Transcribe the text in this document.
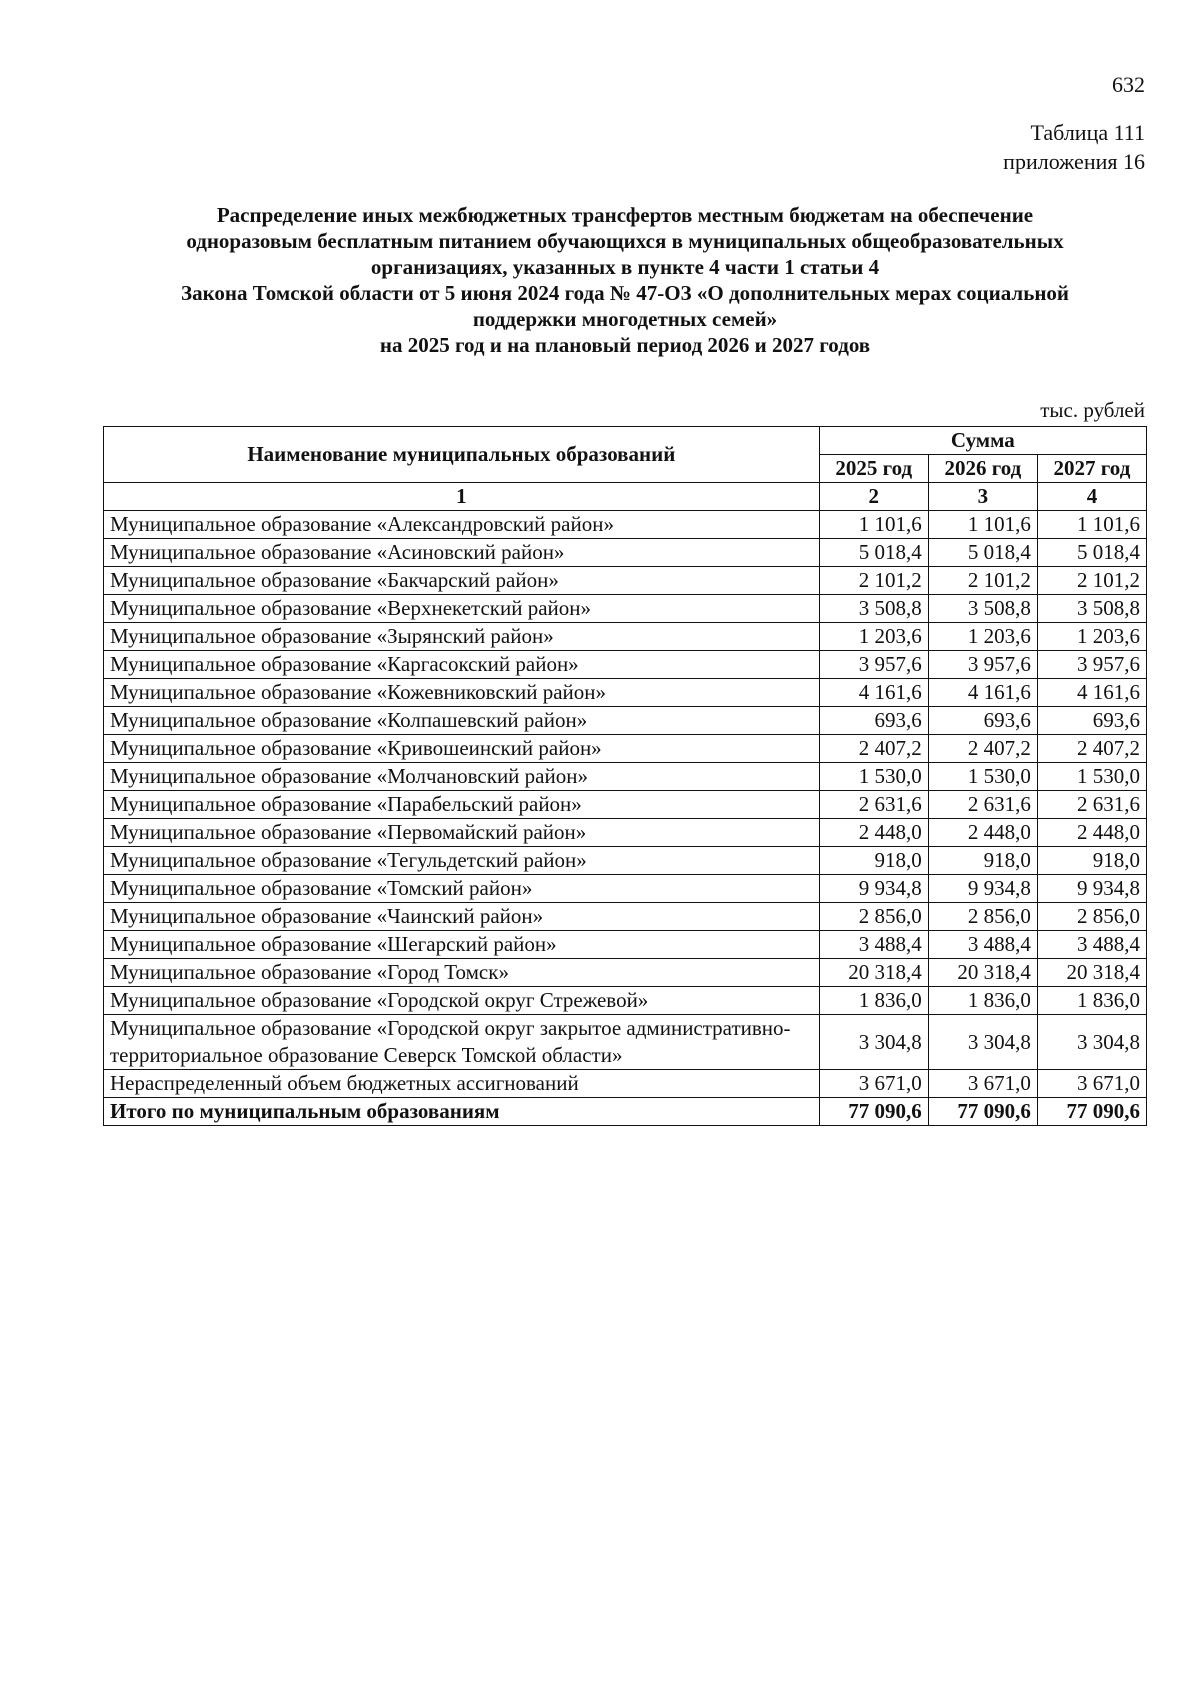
632
Таблица 111
приложения 16
Распределение иных межбюджетных трансфертов местным бюджетам на обеспечение
одноразовым бесплатным питанием обучающихся в муниципальных общеобразовательных
организациях, указанных в пункте 4 части 1 статьи 4
Закона Томской области от 5 июня 2024 года № 47-ОЗ «О дополнительных мерах социальной
поддержки многодетных семей»
на 2025 год и на плановый период 2026 и 2027 годов
тыс. рублей
Наименование муниципальных образований	Сумма		
	2025 год	2026 год	2027 год
1	2	3	4
Муниципальное образование «Александровский район»	1 101,6	1 101,6	1 101,6
Муниципальное образование «Асиновский район»	5 018,4	5 018,4	5 018,4
Муниципальное образование «Бакчарский район»	2 101,2	2 101,2	2 101,2
Муниципальное образование «Верхнекетский район»	3 508,8	3 508,8	3 508,8
Муниципальное образование «Зырянский район»	1 203,6	1 203,6	1 203,6
Муниципальное образование «Каргасокский район»	3 957,6	3 957,6	3 957,6
Муниципальное образование «Кожевниковский район»	4 161,6	4 161,6	4 161,6
Муниципальное образование «Колпашевский район»	693,6	693,6	693,6
Муниципальное образование «Кривошеинский район»	2 407,2	2 407,2	2 407,2
Муниципальное образование «Молчановский район»	1 530,0	1 530,0	1 530,0
Муниципальное образование «Парабельский район»	2 631,6	2 631,6	2 631,6
Муниципальное образование «Первомайский район»	2 448,0	2 448,0	2 448,0
Муниципальное образование «Тегульдетский район»	918,0	918,0	918,0
Муниципальное образование «Томский район»	9 934,8	9 934,8	9 934,8
Муниципальное образование «Чаинский район»	2 856,0	2 856,0	2 856,0
Муниципальное образование «Шегарский район»	3 488,4	3 488,4	3 488,4
Муниципальное образование «Город Томск»	20 318,4	20 318,4	20 318,4
Муниципальное образование «Городской округ Стрежевой»	1 836,0	1 836,0	1 836,0
Муниципальное образование «Городской округ закрытое административно-территориальное образование Северск Томской области»	3 304,8	3 304,8	3 304,8
Нераспределенный объем бюджетных ассигнований	3 671,0	3 671,0	3 671,0
Итого по муниципальным образованиям	77 090,6	77 090,6	77 090,6
